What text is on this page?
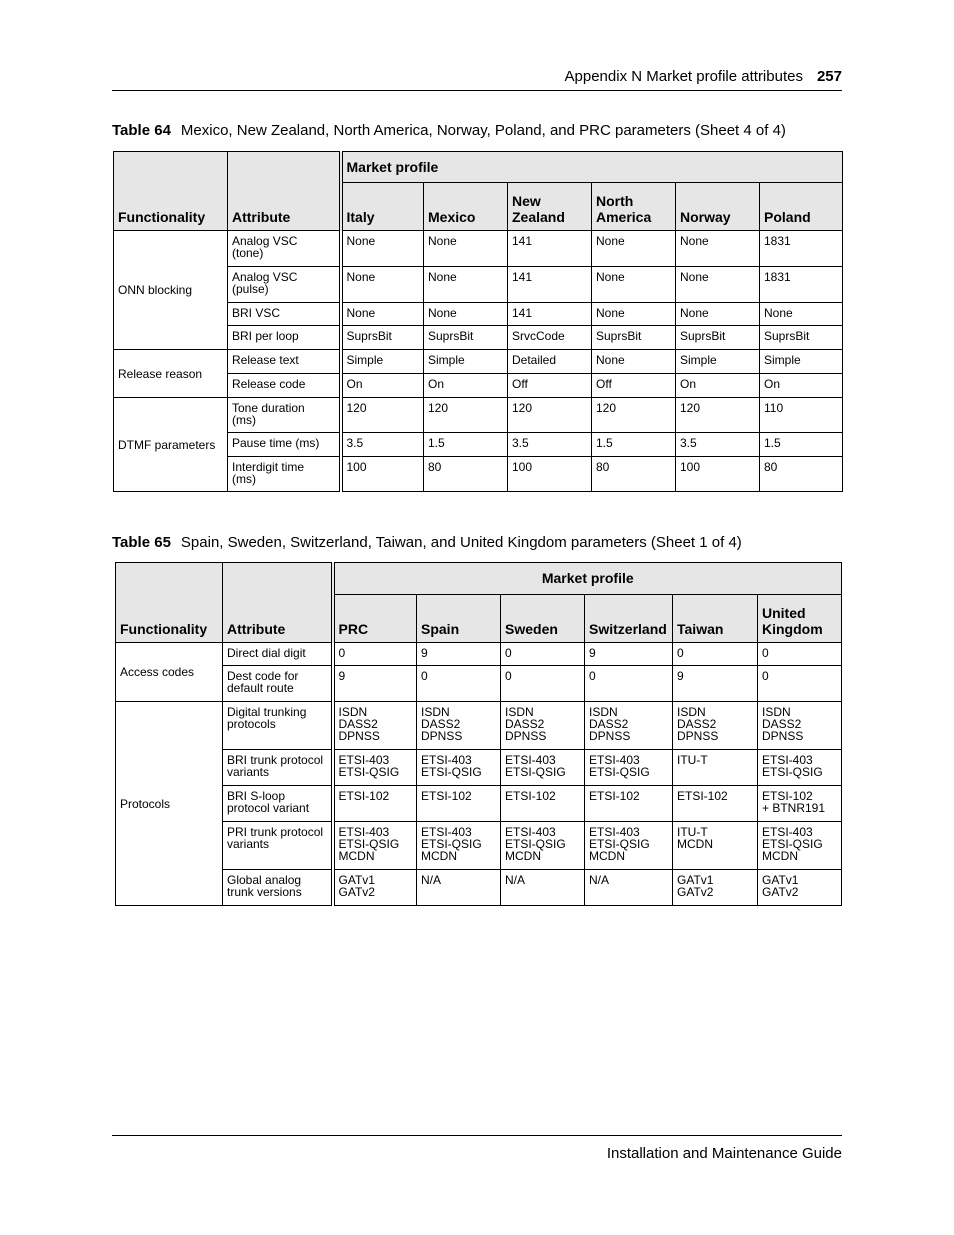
Appendix N Market profile attributes 257
Table 64 Mexico, New Zealand, North America, Norway, Poland, and PRC parameters (Sheet 4 of 4)
Functionality	Attribute	Market profile					
		Italy	Mexico	New
Zealand	North
America	Norway	Poland
ONN blocking	Analog VSC
(tone)	None	None	141	None	None	1831
	Analog VSC
(pulse)	None	None	141	None	None	1831
	BRI VSC	None	None	141	None	None	None
	BRI per loop	SuprsBit	SuprsBit	SrvcCode	SuprsBit	SuprsBit	SuprsBit
Release reason	Release text	Simple	Simple	Detailed	None	Simple	Simple
	Release code	On	On	Off	Off	On	On
DTMF parameters	Tone duration
(ms)	120	120	120	120	120	110
	Pause time (ms)	3.5	1.5	3.5	1.5	3.5	1.5
	Interdigit time
(ms)	100	80	100	80	100	80
Table 65 Spain, Sweden, Switzerland, Taiwan, and United Kingdom parameters (Sheet 1 of 4)
Functionality	Attribute	Market profile					
		PRC	Spain	Sweden	Switzerland	Taiwan	United
Kingdom
Access codes	Direct dial digit	0	9	0	9	0	0
	Dest code for
default route	9	0	0	0	9	0
Protocols	Digital trunking
protocols	ISDN
DASS2
DPNSS	ISDN
DASS2
DPNSS	ISDN
DASS2
DPNSS	ISDN
DASS2
DPNSS	ISDN
DASS2
DPNSS	ISDN
DASS2
DPNSS
	BRI trunk protocol
variants	ETSI-403
ETSI-QSIG	ETSI-403
ETSI-QSIG	ETSI-403
ETSI-QSIG	ETSI-403
ETSI-QSIG	ITU-T	ETSI-403
ETSI-QSIG
	BRI S-loop
protocol variant	ETSI-102	ETSI-102	ETSI-102	ETSI-102	ETSI-102	ETSI-102
+ BTNR191
	PRI trunk protocol
variants	ETSI-403
ETSI-QSIG
MCDN	ETSI-403
ETSI-QSIG
MCDN	ETSI-403
ETSI-QSIG
MCDN	ETSI-403
ETSI-QSIG
MCDN	ITU-T
MCDN	ETSI-403
ETSI-QSIG
MCDN
	Global analog
trunk versions	GATv1
GATv2	N/A	N/A	N/A	GATv1
GATv2	GATv1
GATv2
Installation and Maintenance Guide
